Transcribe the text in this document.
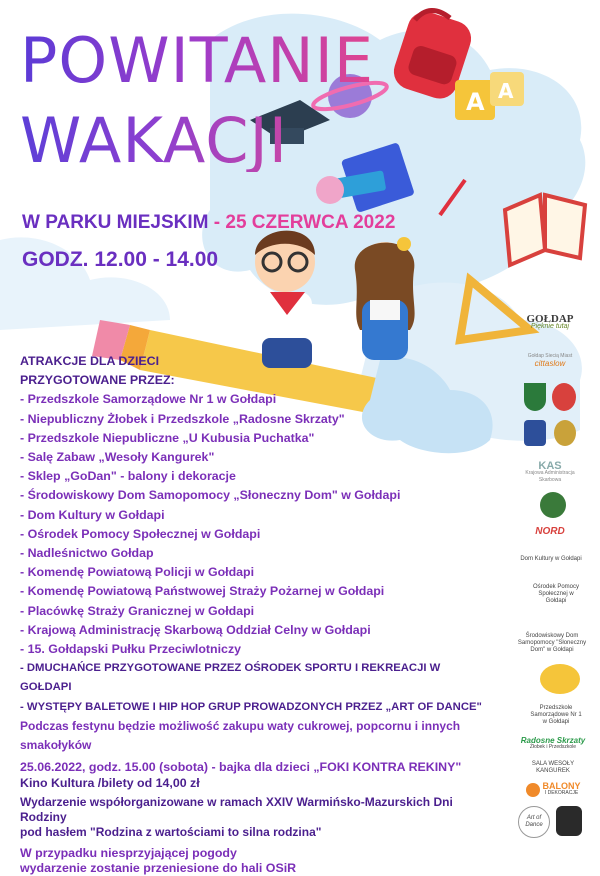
A A
POWITANIE
WAKACJI
W PARKU MIEJSKIM - 25 CZERWCA 2022
GODZ. 12.00 - 14.00
ATRAKCJE DLA DZIECI
PRZYGOTOWANE PRZEZ:
- Przedszkole Samorządowe Nr 1 w Gołdapi
- Niepubliczny Żłobek i Przedszkole „Radosne Skrzaty"
- Przedszkole Niepubliczne „U Kubusia Puchatka"
- Salę Zabaw „Wesoły Kangurek"
- Sklep „GoDan" - balony i dekoracje
- Środowiskowy Dom Samopomocy „Słoneczny Dom" w Gołdapi
- Dom Kultury w Gołdapi
- Ośrodek Pomocy Społecznej w Gołdapi
- Nadleśnictwo Gołdap
- Komendę Powiatową Policji w Gołdapi
- Komendę Powiatową Państwowej Straży Pożarnej w Gołdapi
- Placówkę Straży Granicznej w Gołdapi
- Krajową Administrację Skarbową Oddział Celny w Gołdapi
- 15. Gołdapski Pułku Przeciwlotniczy
- DMUCHAŃCE PRZYGOTOWANE PRZEZ OŚRODEK SPORTU I REKREACJI W GOŁDAPI
- WYSTĘPY BALETOWE I HIP HOP GRUP PROWADZONYCH PRZEZ „ART OF DANCE"
Podczas festynu będzie możliwość zakupu waty cukrowej, popcornu i innych smakołyków
25.06.2022, godz. 15.00 (sobota) - bajka dla dzieci „FOKI KONTRA REKINY"
Kino Kultura /bilety od 14,00 zł
Wydarzenie współorganizowane w ramach XXIV Warmińsko-Mazurskich Dni Rodziny
pod hasłem "Rodzina z wartościami to silna rodzina"
W przypadku niesprzyjającej pogody
wydarzenie zostanie przeniesione do hali OSiR
GOŁDAP
Pięknie tutaj
Gołdap Siecią Miast
cittaslow
KAS
Krajowa Administracja Skarbowa
NORD
Dom Kultury w Gołdapi
Ośrodek Pomocy Społecznej w Gołdapi
Środowiskowy Dom Samopomocy "Słoneczny Dom" w Gołdapi
Przedszkole Samorządowe Nr 1 w Gołdapi
Radosne Skrzaty
Żłobek i Przedszkole
SALA WESOŁY KANGUREK
BALONY
I DEKORACJE
Art of Dance
